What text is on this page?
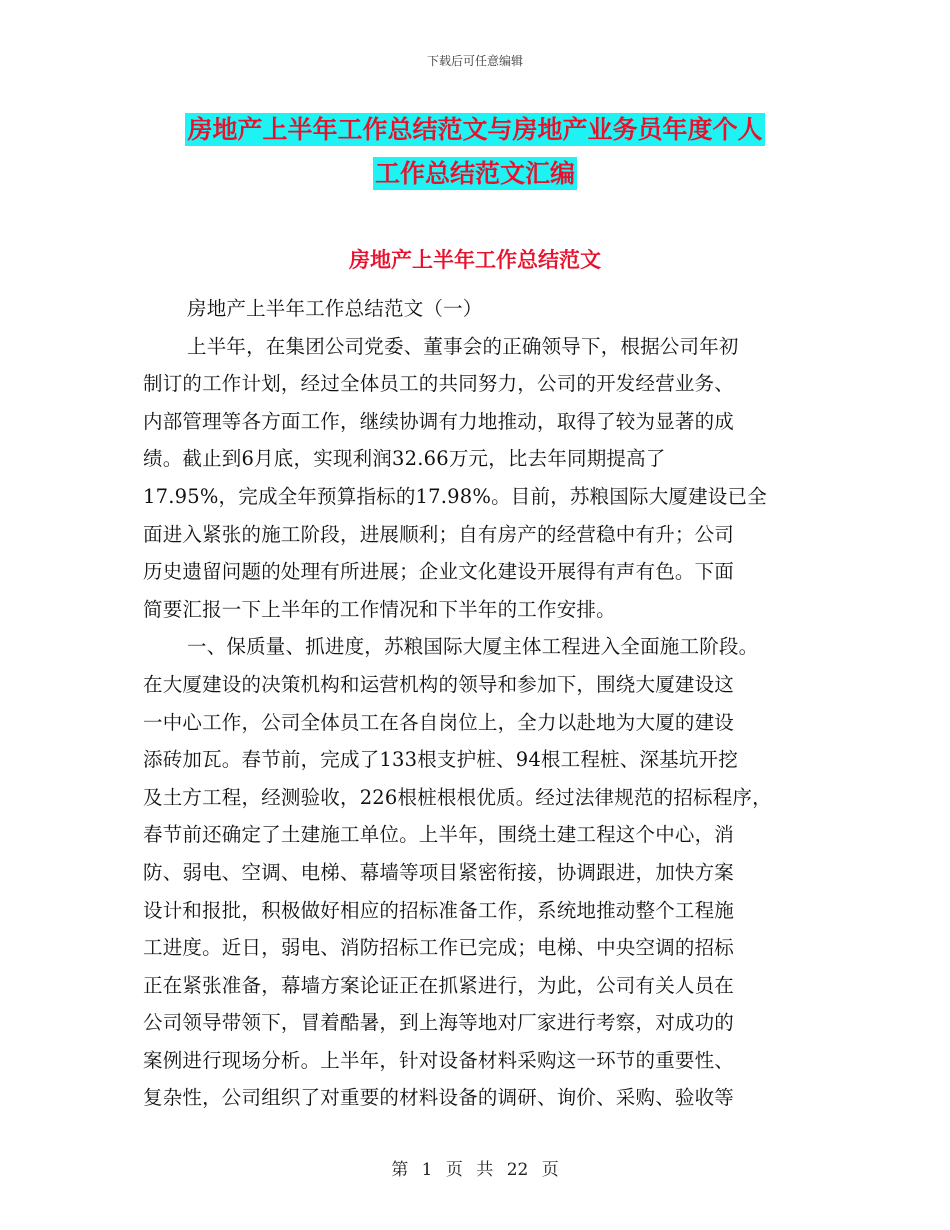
下载后可任意编辑
房地产上半年工作总结范文与房地产业务员年度个人
工作总结范文汇编
房地产上半年工作总结范文
房地产上半年工作总结范文（一）
上半年，在集团公司党委、董事会的正确领导下，根据公司年初
制订的工作计划，经过全体员工的共同努力，公司的开发经营业务、
内部管理等各方面工作，继续协调有力地推动，取得了较为显著的成
绩。截止到6月底，实现利润32.66万元，比去年同期提高了
17.95%，完成全年预算指标的17.98%。目前，苏粮国际大厦建设已全
面进入紧张的施工阶段，进展顺利；自有房产的经营稳中有升；公司
历史遗留问题的处理有所进展；企业文化建设开展得有声有色。下面
简要汇报一下上半年的工作情况和下半年的工作安排。
一、保质量、抓进度，苏粮国际大厦主体工程进入全面施工阶段。
在大厦建设的决策机构和运营机构的领导和参加下，围绕大厦建设这
一中心工作，公司全体员工在各自岗位上，全力以赴地为大厦的建设
添砖加瓦。春节前，完成了133根支护桩、94根工程桩、深基坑开挖
及土方工程，经测验收，226根桩根根优质。经过法律规范的招标程序，
春节前还确定了土建施工单位。上半年，围绕土建工程这个中心，消
防、弱电、空调、电梯、幕墙等项目紧密衔接，协调跟进，加快方案
设计和报批，积极做好相应的招标准备工作，系统地推动整个工程施
工进度。近日，弱电、消防招标工作已完成；电梯、中央空调的招标
正在紧张准备，幕墙方案论证正在抓紧进行，为此，公司有关人员在
公司领导带领下，冒着酷暑，到上海等地对厂家进行考察，对成功的
案例进行现场分析。上半年，针对设备材料采购这一环节的重要性、
复杂性，公司组织了对重要的材料设备的调研、询价、采购、验收等
第 1 页 共 22 页
